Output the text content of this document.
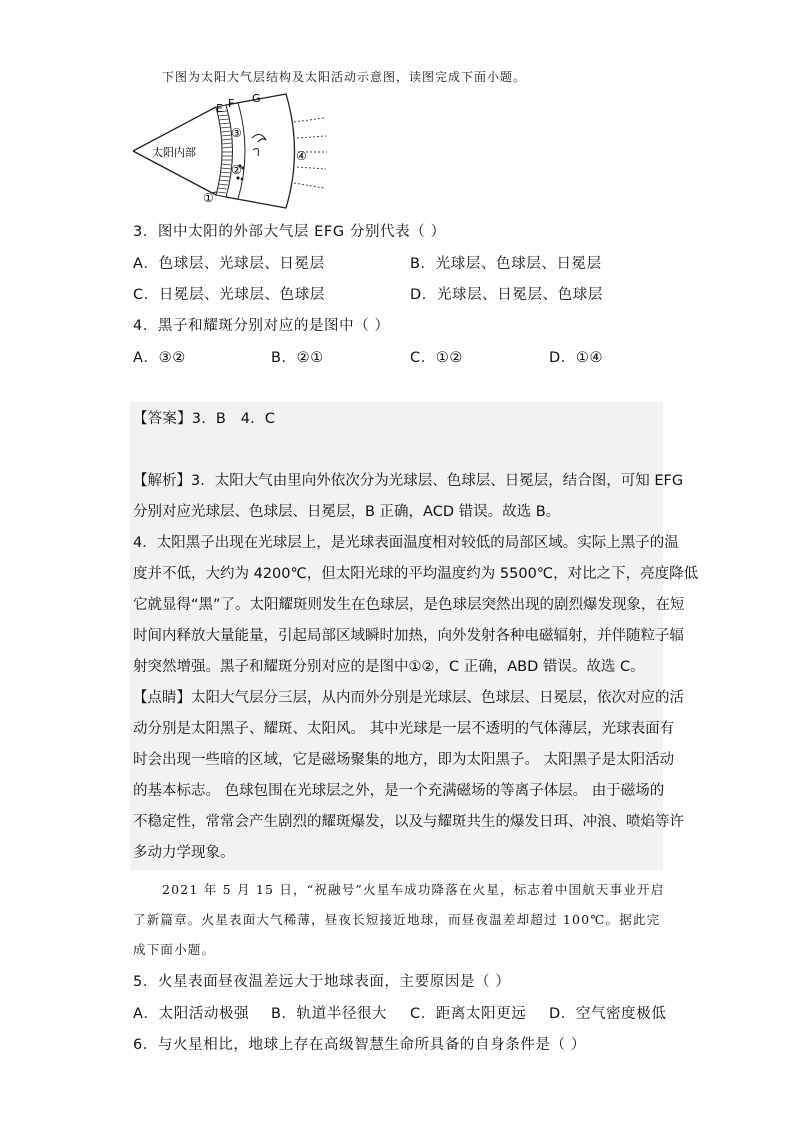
下图为太阳大气层结构及太阳活动示意图，读图完成下面小题。
E F G
太阳内部
③
②
①
④
3．图中太阳的外部大气层 EFG 分别代表（ ）
A．色球层、光球层、日冕层	B．光球层、色球层、日冕层
C．日冕层、光球层、色球层	D．光球层、日冕层、色球层
4．黑子和耀斑分别对应的是图中（ ）
A．③②	B．②①	C．①②	D．①④
【答案】3．B　4．C
【解析】3．太阳大气由里向外依次分为光球层、色球层、日冕层，结合图，可知 EFG
分别对应光球层、色球层、日冕层，B 正确，ACD 错误。故选 B。
4．太阳黑子出现在光球层上，是光球表面温度相对较低的局部区域。实际上黑子的温
度并不低，大约为 4200℃，但太阳光球的平均温度约为 5500℃，对比之下，亮度降低
它就显得“黑”了。太阳耀斑则发生在色球层，是色球层突然出现的剧烈爆发现象，在短
时间内释放大量能量，引起局部区域瞬时加热，向外发射各种电磁辐射，并伴随粒子辐
射突然增强。黑子和耀斑分别对应的是图中①②，C 正确，ABD 错误。故选 C。
【点睛】太阳大气层分三层，从内而外分别是光球层、色球层、日冕层，依次对应的活
动分别是太阳黑子、耀斑、太阳风。 其中光球是一层不透明的气体薄层，光球表面有
时会出现一些暗的区域，它是磁场聚集的地方，即为太阳黑子。 太阳黑子是太阳活动
的基本标志。 色球包围在光球层之外，是一个充满磁场的等离子体层。 由于磁场的
不稳定性，常常会产生剧烈的耀斑爆发，以及与耀斑共生的爆发日珥、冲浪、喷焰等许
多动力学现象。
2021 年 5 月 15 日，“祝融号”火星车成功降落在火星，标志着中国航天事业开启
了新篇章。火星表面大气稀薄，昼夜长短接近地球，而昼夜温差却超过 100℃。据此完
成下面小题。
5．火星表面昼夜温差远大于地球表面，主要原因是（ ）
A．太阳活动极强 B．轨道半径很大 C．距离太阳更远 D．空气密度极低
6．与火星相比，地球上存在高级智慧生命所具备的自身条件是（ ）
